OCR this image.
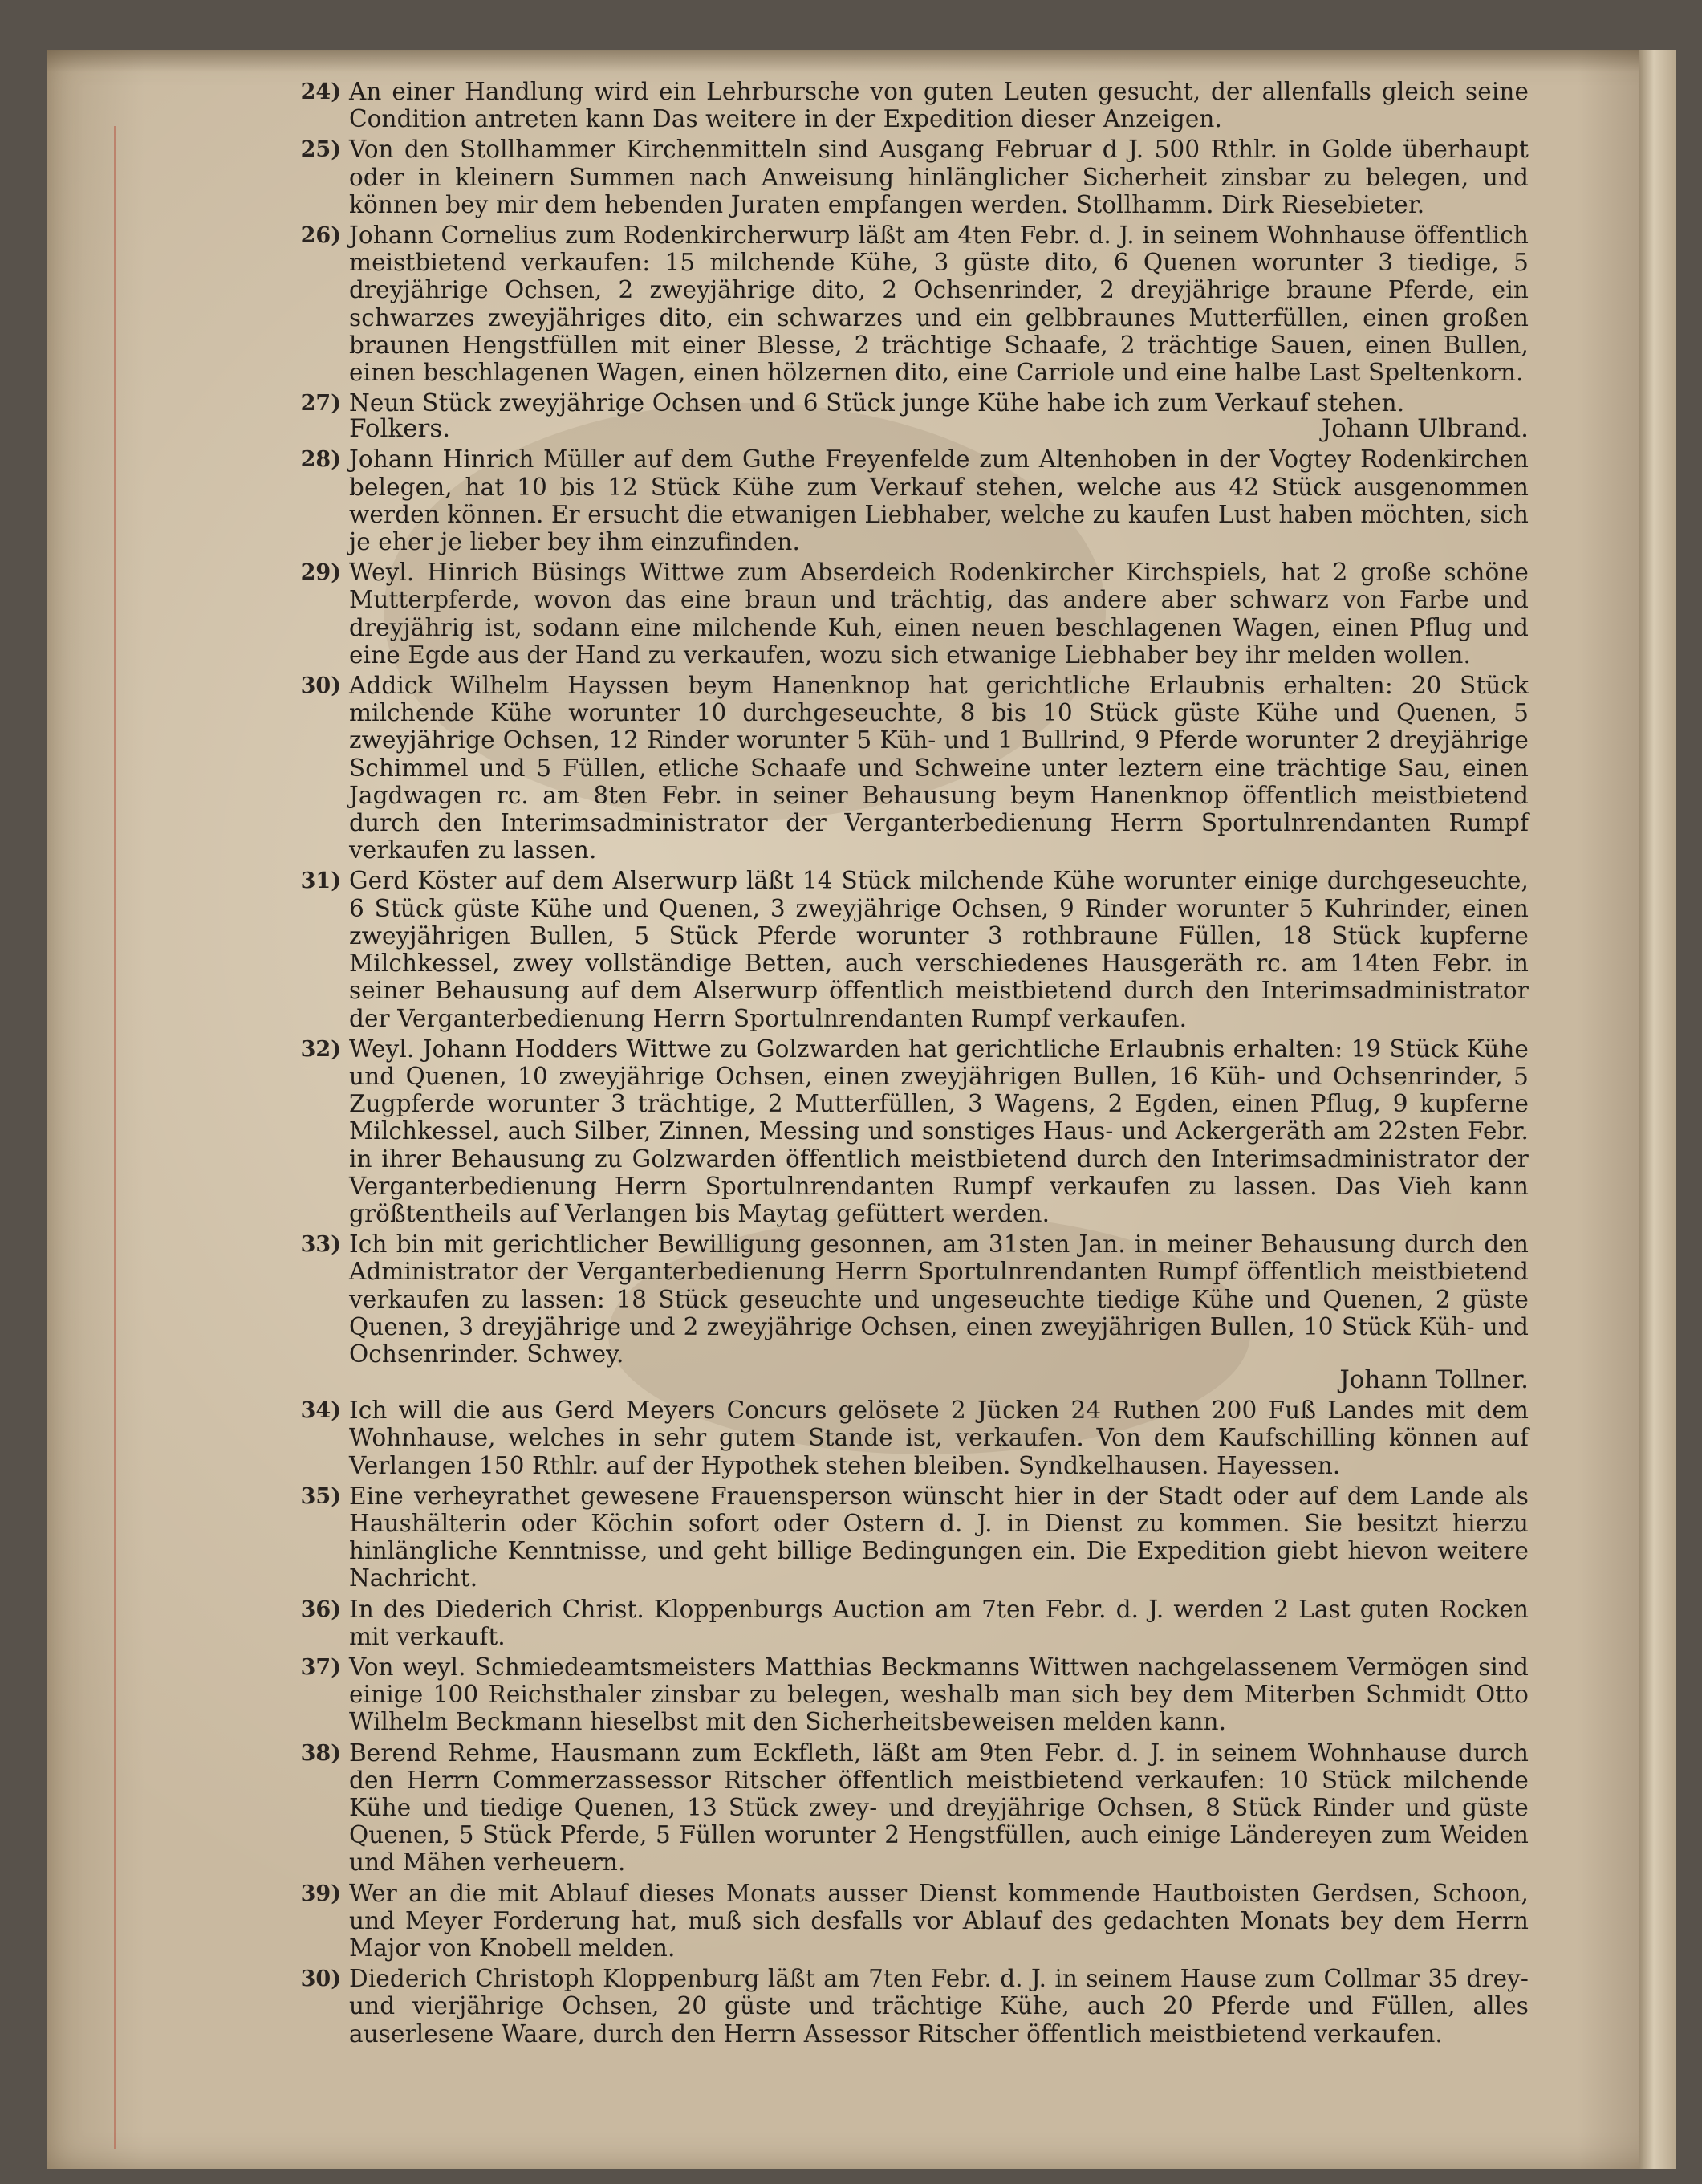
24) An einer Handlung wird ein Lehrbursche von guten Leuten gesucht, der allenfalls gleich seine Condition antreten kann Das weitere in der Expedition dieser Anzeigen.
25) Von den Stollhammer Kirchenmitteln sind Ausgang Februar d J. 500 Rthlr. in Golde überhaupt oder in kleinern Summen nach Anweisung hinlänglicher Sicherheit zinsbar zu belegen, und können bey mir dem hebenden Juraten empfangen werden. Stollhamm. Dirk Riesebieter.
26) Johann Cornelius zum Rodenkircherwurp läßt am 4ten Febr. d. J. in seinem Wohnhause öffentlich meistbietend verkaufen: 15 milchende Kühe, 3 güste dito, 6 Quenen worunter 3 tiedige, 5 dreyjährige Ochsen, 2 zweyjährige dito, 2 Ochsenrinder, 2 dreyjährige braune Pferde, ein schwarzes zweyjähriges dito, ein schwarzes und ein gelbbraunes Mutterfüllen, einen großen braunen Hengstfüllen mit einer Blesse, 2 trächtige Schaafe, 2 trächtige Sauen, einen Bullen, einen beschlagenen Wagen, einen hölzernen dito, eine Carriole und eine halbe Last Speltenkorn.
27) Neun Stück zweyjährige Ochsen und 6 Stück junge Kühe habe ich zum Verkauf stehen.
Folkers.	Johann Ulbrand.
28) Johann Hinrich Müller auf dem Guthe Freyenfelde zum Altenhoben in der Vogtey Rodenkirchen belegen, hat 10 bis 12 Stück Kühe zum Verkauf stehen, welche aus 42 Stück ausgenommen werden können. Er ersucht die etwanigen Liebhaber, welche zu kaufen Lust haben möchten, sich je eher je lieber bey ihm einzufinden.
29) Weyl. Hinrich Büsings Wittwe zum Abserdeich Rodenkircher Kirchspiels, hat 2 große schöne Mutterpferde, wovon das eine braun und trächtig, das andere aber schwarz von Farbe und dreyjährig ist, sodann eine milchende Kuh, einen neuen beschlagenen Wagen, einen Pflug und eine Egde aus der Hand zu verkaufen, wozu sich etwanige Liebhaber bey ihr melden wollen.
30) Addick Wilhelm Hayssen beym Hanenknop hat gerichtliche Erlaubnis erhalten: 20 Stück milchende Kühe worunter 10 durchgeseuchte, 8 bis 10 Stück güste Kühe und Quenen, 5 zweyjährige Ochsen, 12 Rinder worunter 5 Küh- und 1 Bullrind, 9 Pferde worunter 2 dreyjährige Schimmel und 5 Füllen, etliche Schaafe und Schweine unter leztern eine trächtige Sau, einen Jagdwagen rc. am 8ten Febr. in seiner Behausung beym Hanenknop öffentlich meistbietend durch den Interimsadministrator der Verganterbedienung Herrn Sportulnrendanten Rumpf verkaufen zu lassen.
31) Gerd Köster auf dem Alserwurp läßt 14 Stück milchende Kühe worunter einige durchgeseuchte, 6 Stück güste Kühe und Quenen, 3 zweyjährige Ochsen, 9 Rinder worunter 5 Kuhrinder, einen zweyjährigen Bullen, 5 Stück Pferde worunter 3 rothbraune Füllen, 18 Stück kupferne Milchkessel, zwey vollständige Betten, auch verschiedenes Hausgeräth rc. am 14ten Febr. in seiner Behausung auf dem Alserwurp öffentlich meistbietend durch den Interimsadministrator der Verganterbedienung Herrn Sportulnrendanten Rumpf verkaufen.
32) Weyl. Johann Hodders Wittwe zu Golzwarden hat gerichtliche Erlaubnis erhalten: 19 Stück Kühe und Quenen, 10 zweyjährige Ochsen, einen zweyjährigen Bullen, 16 Küh- und Ochsenrinder, 5 Zugpferde worunter 3 trächtige, 2 Mutterfüllen, 3 Wagens, 2 Egden, einen Pflug, 9 kupferne Milchkessel, auch Silber, Zinnen, Messing und sonstiges Haus- und Ackergeräth am 22sten Febr. in ihrer Behausung zu Golzwarden öffentlich meistbietend durch den Interimsadministrator der Verganterbedienung Herrn Sportulnrendanten Rumpf verkaufen zu lassen. Das Vieh kann größtentheils auf Verlangen bis Maytag gefüttert werden.
33) Ich bin mit gerichtlicher Bewilligung gesonnen, am 31sten Jan. in meiner Behausung durch den Administrator der Verganterbedienung Herrn Sportulnrendanten Rumpf öffentlich meistbietend verkaufen zu lassen: 18 Stück geseuchte und ungeseuchte tiedige Kühe und Quenen, 2 güste Quenen, 3 dreyjährige und 2 zweyjährige Ochsen, einen zweyjährigen Bullen, 10 Stück Küh- und Ochsenrinder. Schwey.
Johann Tollner.
34) Ich will die aus Gerd Meyers Concurs gelösete 2 Jücken 24 Ruthen 200 Fuß Landes mit dem Wohnhause, welches in sehr gutem Stande ist, verkaufen. Von dem Kaufschilling können auf Verlangen 150 Rthlr. auf der Hypothek stehen bleiben. Syndkelhausen. Hayessen.
35) Eine verheyrathet gewesene Frauensperson wünscht hier in der Stadt oder auf dem Lande als Haushälterin oder Köchin sofort oder Ostern d. J. in Dienst zu kommen. Sie besitzt hierzu hinlängliche Kenntnisse, und geht billige Bedingungen ein. Die Expedition giebt hievon weitere Nachricht.
36) In des Diederich Christ. Kloppenburgs Auction am 7ten Febr. d. J. werden 2 Last guten Rocken mit verkauft.
37) Von weyl. Schmiedeamtsmeisters Matthias Beckmanns Wittwen nachgelassenem Vermögen sind einige 100 Reichsthaler zinsbar zu belegen, weshalb man sich bey dem Miterben Schmidt Otto Wilhelm Beckmann hieselbst mit den Sicherheitsbeweisen melden kann.
38) Berend Rehme, Hausmann zum Eckfleth, läßt am 9ten Febr. d. J. in seinem Wohnhause durch den Herrn Commerzassessor Ritscher öffentlich meistbietend verkaufen: 10 Stück milchende Kühe und tiedige Quenen, 13 Stück zwey- und dreyjährige Ochsen, 8 Stück Rinder und güste Quenen, 5 Stück Pferde, 5 Füllen worunter 2 Hengstfüllen, auch einige Ländereyen zum Weiden und Mähen verheuern.
39) Wer an die mit Ablauf dieses Monats ausser Dienst kommende Hautboisten Gerdsen, Schoon, und Meyer Forderung hat, muß sich desfalls vor Ablauf des gedachten Monats bey dem Herrn Major von Knobell melden.
30) Diederich Christoph Kloppenburg läßt am 7ten Febr. d. J. in seinem Hause zum Collmar 35 drey- und vierjährige Ochsen, 20 güste und trächtige Kühe, auch 20 Pferde und Füllen, alles auserlesene Waare, durch den Herrn Assessor Ritscher öffentlich meistbietend verkaufen.
